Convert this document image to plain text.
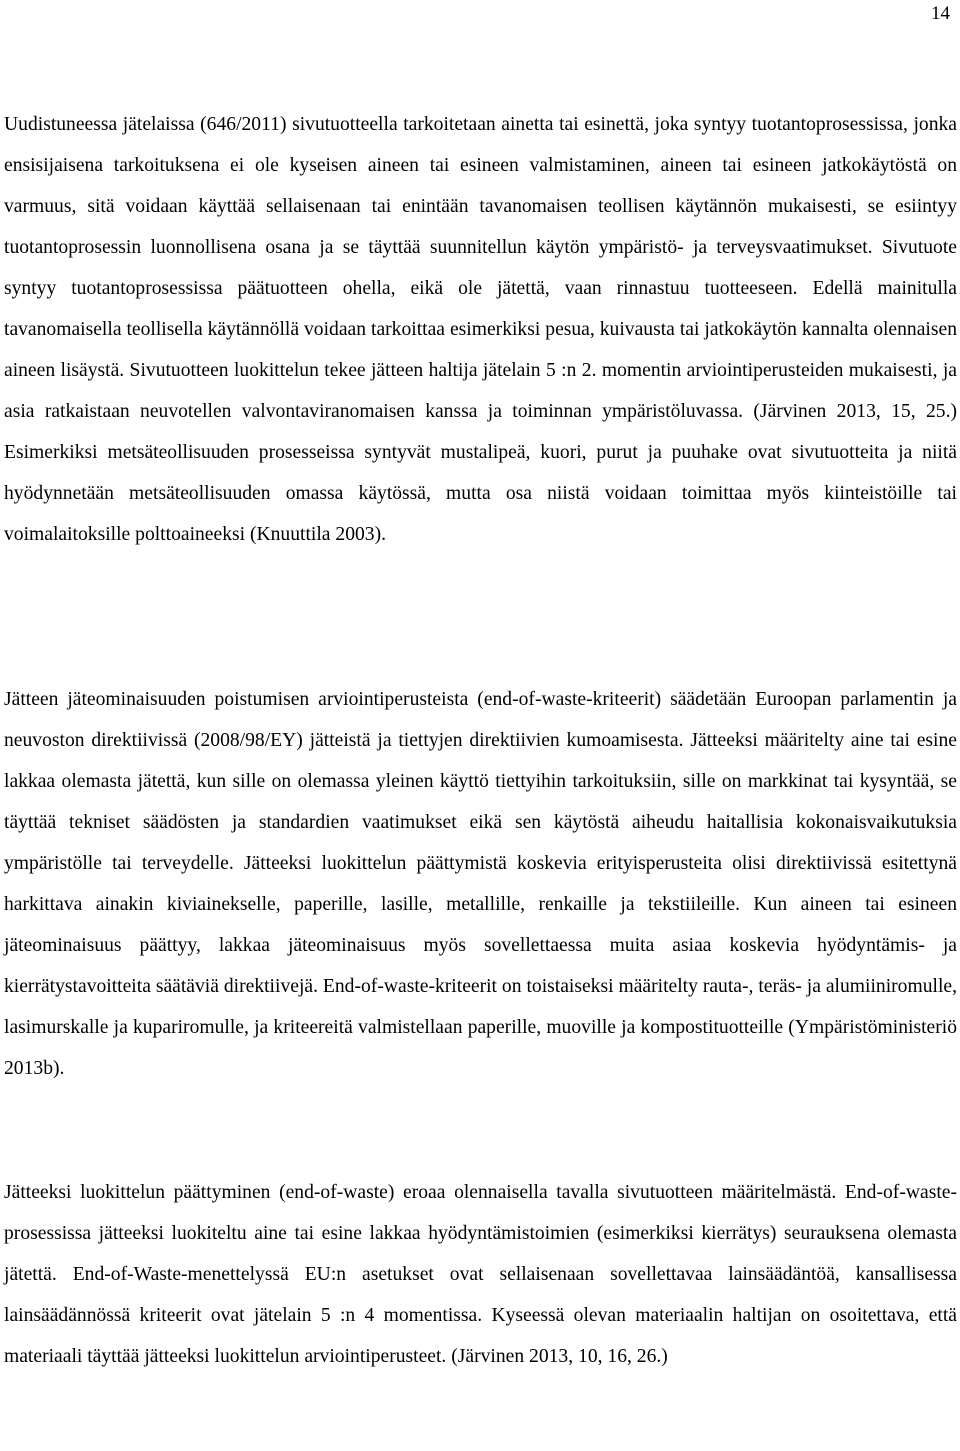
14

Uudistuneessa jätelaissa (646/2011) sivutuotteella tarkoitetaan ainetta tai esinettä, joka syntyy tuotantoprosessissa, jonka ensisijaisena tarkoituksena ei ole kyseisen aineen tai esineen valmistaminen, aineen tai esineen jatkokäytöstä on varmuus, sitä voidaan käyttää sellaisenaan tai enintään tavanomaisen teollisen käytännön mukaisesti, se esiintyy tuotantoprosessin luonnollisena osana ja se täyttää suunnitellun käytön ympäristö- ja terveysvaatimukset. Sivutuote syntyy tuotantoprosessissa päätuotteen ohella, eikä ole jätettä, vaan rinnastuu tuotteeseen. Edellä mainitulla tavanomaisella teollisella käytännöllä voidaan tarkoittaa esimerkiksi pesua, kuivausta tai jatkokäytön kannalta olennaisen aineen lisäystä. Sivutuotteen luokittelun tekee jätteen haltija jätelain 5 :n 2. momentin arviointiperusteiden mukaisesti, ja asia ratkaistaan neuvotellen valvontaviranomaisen kanssa ja toiminnan ympäristöluvassa. (Järvinen 2013, 15, 25.) Esimerkiksi metsäteollisuuden prosesseissa syntyvät mustalipeä, kuori, purut ja puuhake ovat sivutuotteita ja niitä hyödynnetään metsäteollisuuden omassa käytössä, mutta osa niistä voidaan toimittaa myös kiinteistöille tai voimalaitoksille polttoaineeksi (Knuuttila 2003).

Jätteen jäteominaisuuden poistumisen arviointiperusteista (end-of-waste-kriteerit) säädetään Euroopan parlamentin ja neuvoston direktiivissä (2008/98/EY) jätteistä ja tiettyjen direktiivien kumoamisesta. Jätteeksi määritelty aine tai esine lakkaa olemasta jätettä, kun sille on olemassa yleinen käyttö tiettyihin tarkoituksiin, sille on markkinat tai kysyntää, se täyttää tekniset säädösten ja standardien vaatimukset eikä sen käytöstä aiheudu haitallisia kokonaisvaikutuksia ympäristölle tai terveydelle. Jätteeksi luokittelun päättymistä koskevia erityisperusteita olisi direktiivissä esitettynä harkittava ainakin kiviainekselle, paperille, lasille, metallille, renkaille ja tekstiileille. Kun aineen tai esineen jäteominaisuus päättyy, lakkaa jäteominaisuus myös sovellettaessa muita asiaa koskevia hyödyntämis- ja kierrätystavoitteita säätäviä direktiivejä. End-of-waste-kriteerit on toistaiseksi määritelty rauta-, teräs- ja alumiiniromulle, lasimurskalle ja kupariromulle, ja kriteereitä valmistellaan paperille, muoville ja kompostituotteille (Ympäristöministeriö 2013b).

Jätteeksi luokittelun päättyminen (end-of-waste) eroaa olennaisella tavalla sivutuotteen määritelmästä. End-of-waste-prosessissa jätteeksi luokiteltu aine tai esine lakkaa hyödyntämistoimien (esimerkiksi kierrätys) seurauksena olemasta jätettä. End-of-Waste-menettelyssä EU:n asetukset ovat sellaisenaan sovellettavaa lainsäädäntöä, kansallisessa lainsäädännössä kriteerit ovat jätelain 5 :n 4 momentissa. Kyseessä olevan materiaalin haltijan on osoitettava, että materiaali täyttää jätteeksi luokittelun arviointiperusteet. (Järvinen 2013, 10, 16, 26.)
